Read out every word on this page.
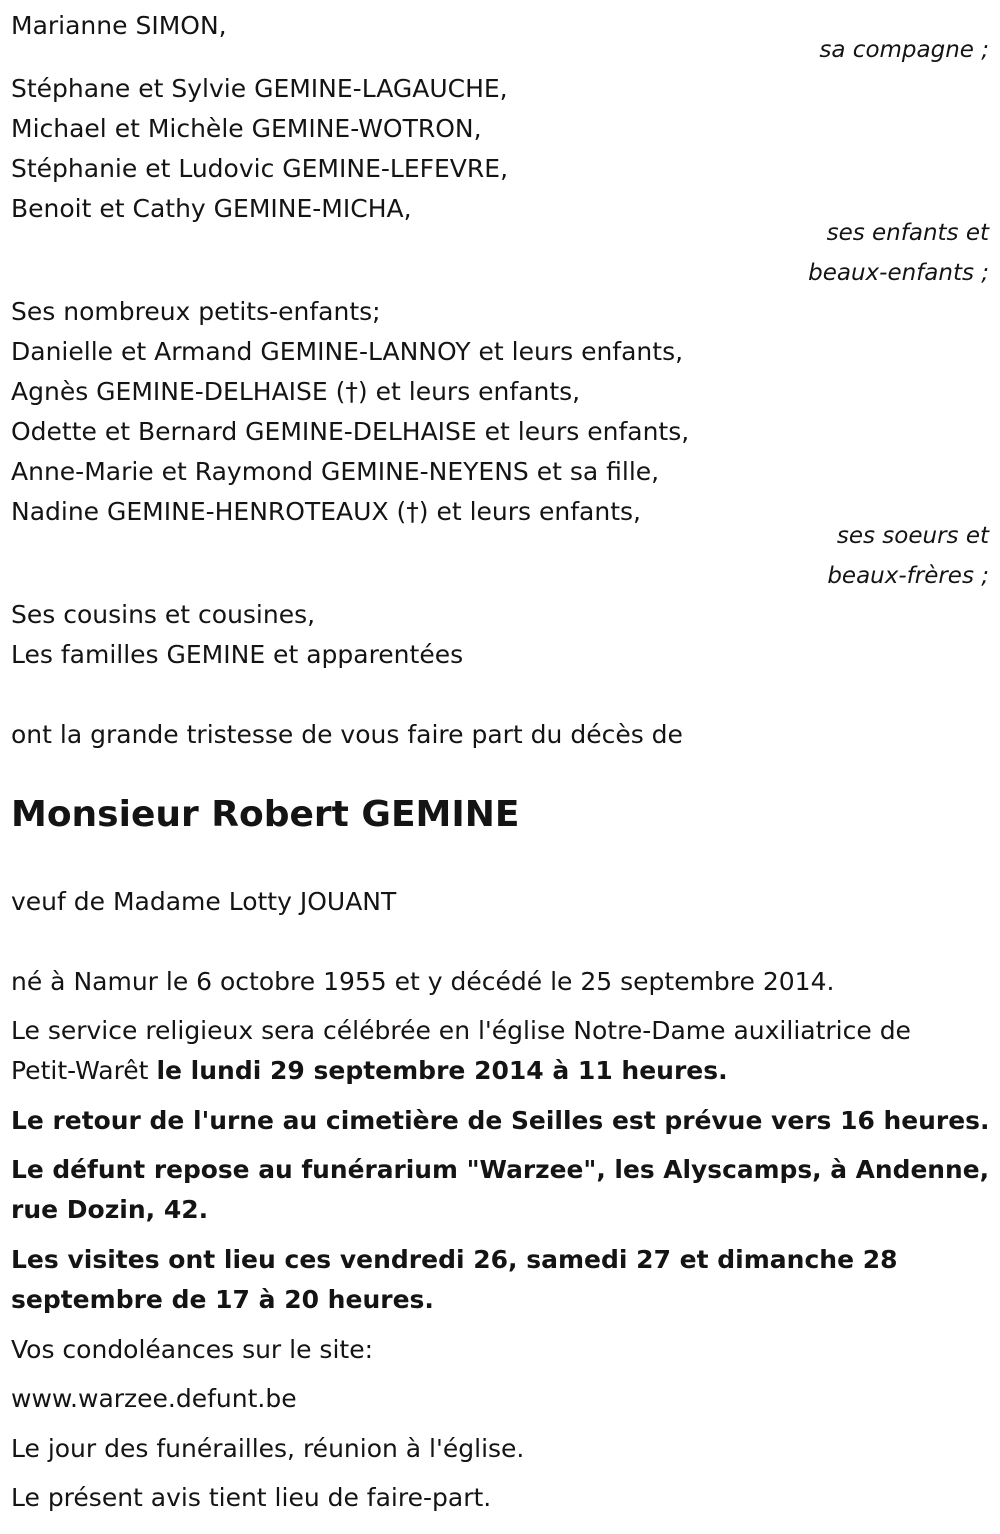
Marianne SIMON,
sa compagne ;
Stéphane et Sylvie GEMINE-LAGAUCHE,
Michael et Michèle GEMINE-WOTRON,
Stéphanie et Ludovic GEMINE-LEFEVRE,
Benoit et Cathy GEMINE-MICHA,
ses enfants et
beaux-enfants ;
Ses nombreux petits-enfants;
Danielle et Armand GEMINE-LANNOY et leurs enfants,
Agnès GEMINE-DELHAISE (†) et leurs enfants,
Odette et Bernard GEMINE-DELHAISE et leurs enfants,
Anne-Marie et Raymond GEMINE-NEYENS et sa fille,
Nadine GEMINE-HENROTEAUX (†) et leurs enfants,
ses soeurs et
beaux-frères ;
Ses cousins et cousines,
Les familles GEMINE et apparentées
ont la grande tristesse de vous faire part du décès de
Monsieur Robert GEMINE
veuf de Madame Lotty JOUANT
né à Namur le 6 octobre 1955 et y décédé le 25 septembre 2014.
Le service religieux sera célébrée en l'église Notre-Dame auxiliatrice de
Petit-Warêt le lundi 29 septembre 2014 à 11 heures.
Le retour de l'urne au cimetière de Seilles est prévue vers 16 heures.
Le défunt repose au funérarium "Warzee", les Alyscamps, à Andenne,
rue Dozin, 42.
Les visites ont lieu ces vendredi 26, samedi 27 et dimanche 28
septembre de 17 à 20 heures.
Vos condoléances sur le site:
www.warzee.defunt.be
Le jour des funérailles, réunion à l'église.
Le présent avis tient lieu de faire-part.
